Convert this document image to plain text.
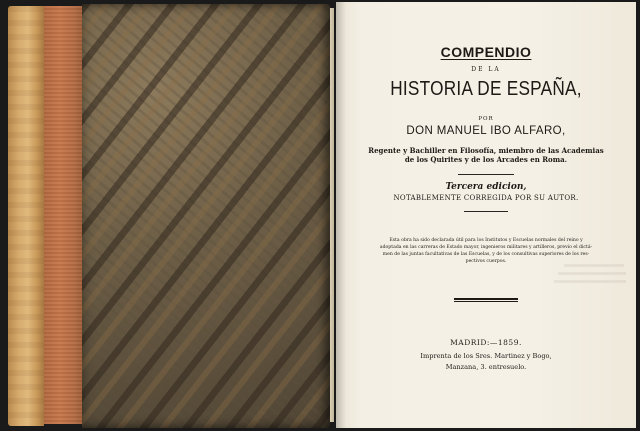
COMPENDIO
DE LA
HISTORIA DE ESPAÑA,
POR
DON MANUEL IBO ALFARO,
Regente y Bachiller en Filosofía, miembro de las Academias
de los Quirites y de los Arcades en Roma.
Tercera edicion,
NOTABLEMENTE CORREGIDA POR SU AUTOR.
Esta obra ha sido declarada útil para los Institutos y Escuelas normales del reino y
adoptada en las carreras de Estado mayor, ingenieros militares y artilleros, previo el dictá-
men de las juntas facultativas de las Escuelas, y de los consultivas superiores de los res-
pectivos cuerpos.
MADRID:—1859.
Imprenta de los Sres. Martinez y Bogo,
Manzana, 3. entresuelo.
